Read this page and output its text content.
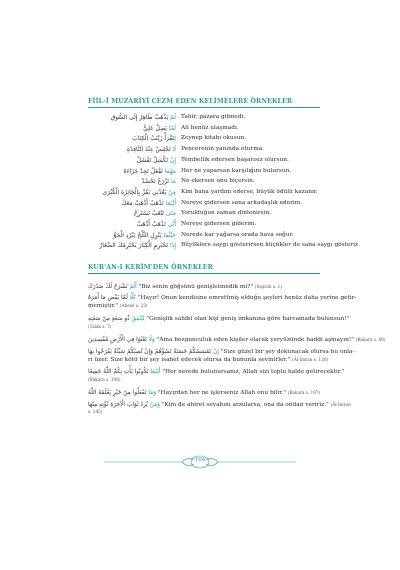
FİİL-İ MUZARİYİ CEZM EDEN KELİMELERE ÖRNEKLER
لَمْ يَذْهَبْ طَاهِرٌ إِلَى السُّوقِ	Tahir, pazara gitmedi.
لَمَّا يَصِلْ عَلِيٌّ	Ali henüz ulaşmadı.
لِتَقْرَأْ زَيْنَبُ الْكِتَابَ	Zeynep kitabı okusun.
لَا تَجْلِسْ عِنْدَ النَّافِذَةِ	Pencerenin yanında oturma.
إِنْ تَكْسَلْ تَفْشَلْ	Tembellik edersen başarısız olursun.
مَهْمَا تَفْعَلْ تَجِدْ جَزَاءَهُ	Her ne yaparsan karşılığını bulursun.
مَا تَزْرَعْ تَحْصُدْ	Ne ekersen onu biçersin.
مَنْ يَعُدْنِي يَفُزْ بِالْجَائِزَةِ الْكُبْرَى	Kim bana yardım ederse, büyük ödülü kazanır.
أَيْنَمَا تَذْهَبْ أَذْهَبْ مَعَكَ	Nereye gidersen sana arkadaşlık ederim.
مَتَى تَتْعَبْ تَسْتَرِحْ	Yorulduğun zaman dinlenirsin.
أَنَّى تَذْهَبْ أَذْهَبْ	Nereye gidersen giderim.
حَيْثُمَا يَنْزِلِ الثَّلْجُ يَبْرُدِ الْجَوُّ	Nerede kar yağarsa orada hava soğur.
إِذَا تَحْتَرِمِ الْكِبَارَ يَحْتَرِمْكَ الصِّغَارُ	Büyüklere saygı gösterirsen küçükler de sana saygı gösteriz.
KUR'AN-I KERÎM'DEN ÖRNEKLER
أَلَمْ نَشْرَحْ لَكَ صَدْرَكَ "Biz senin göğsünü genişletmedik mi?" (İnşirah s. 1)
كَلَّا لَمَّا يَقْضِ مَا أَمَرَهُ "Hayır! Onun kendisine emrettmiş olduğu şeyleri henüz daha yerine getir-
memiştir." (Abese s. 23)
لِيُنْفِقْ ذُو سَعَةٍ مِنْ سَعَتِهِ "Genişlik sahibi olan kişi geniş imkanına göre harcamada bulunsun!"
(Talak s. 7)
وَلَا تَعْثَوْا فِي الْأَرْضِ مُفْسِدِينَ "Ama bozgunculuk eden kişiler olarak yeryüzünde haddi aşmayın!" (Bakara s. 60)
إِنْ تَمْسَسْكُمْ حَسَنَةٌ تَسُؤْهُمْ وَإِنْ تُصِبْكُمْ سَيِّئَةٌ يَفْرَحُوا بِهَا "Size güzel bir şey dokunacak olursa bu onla-
rı üzer. Size kötü bir şey isabet edecek olursa da bununla sevinirler." (Âl-İmran s. 120)
أَيْنَمَا تَكُونُوا يَأْتِ بِكُمُ اللَّهُ جَمِيعًا "Her nerede bulunursanız, Allah sizi toplu halde getirecektir."
(Bakara s. 148)
وَمَا تَفْعَلُوا مِنْ خَيْرٍ يَعْلَمْهُ اللَّهُ "Hayırdan her ne işlerseniz Allah onu bilir." (Bakara s. 197)
وَمَنْ يُرِدْ ثَوَابَ الْآخِرَةِ نُؤْتِهِ مِنْهَا "Kim de ahiret sevabını arzularsa, ona da ondan veririz." (Âl-İmran
s. 145)
104
